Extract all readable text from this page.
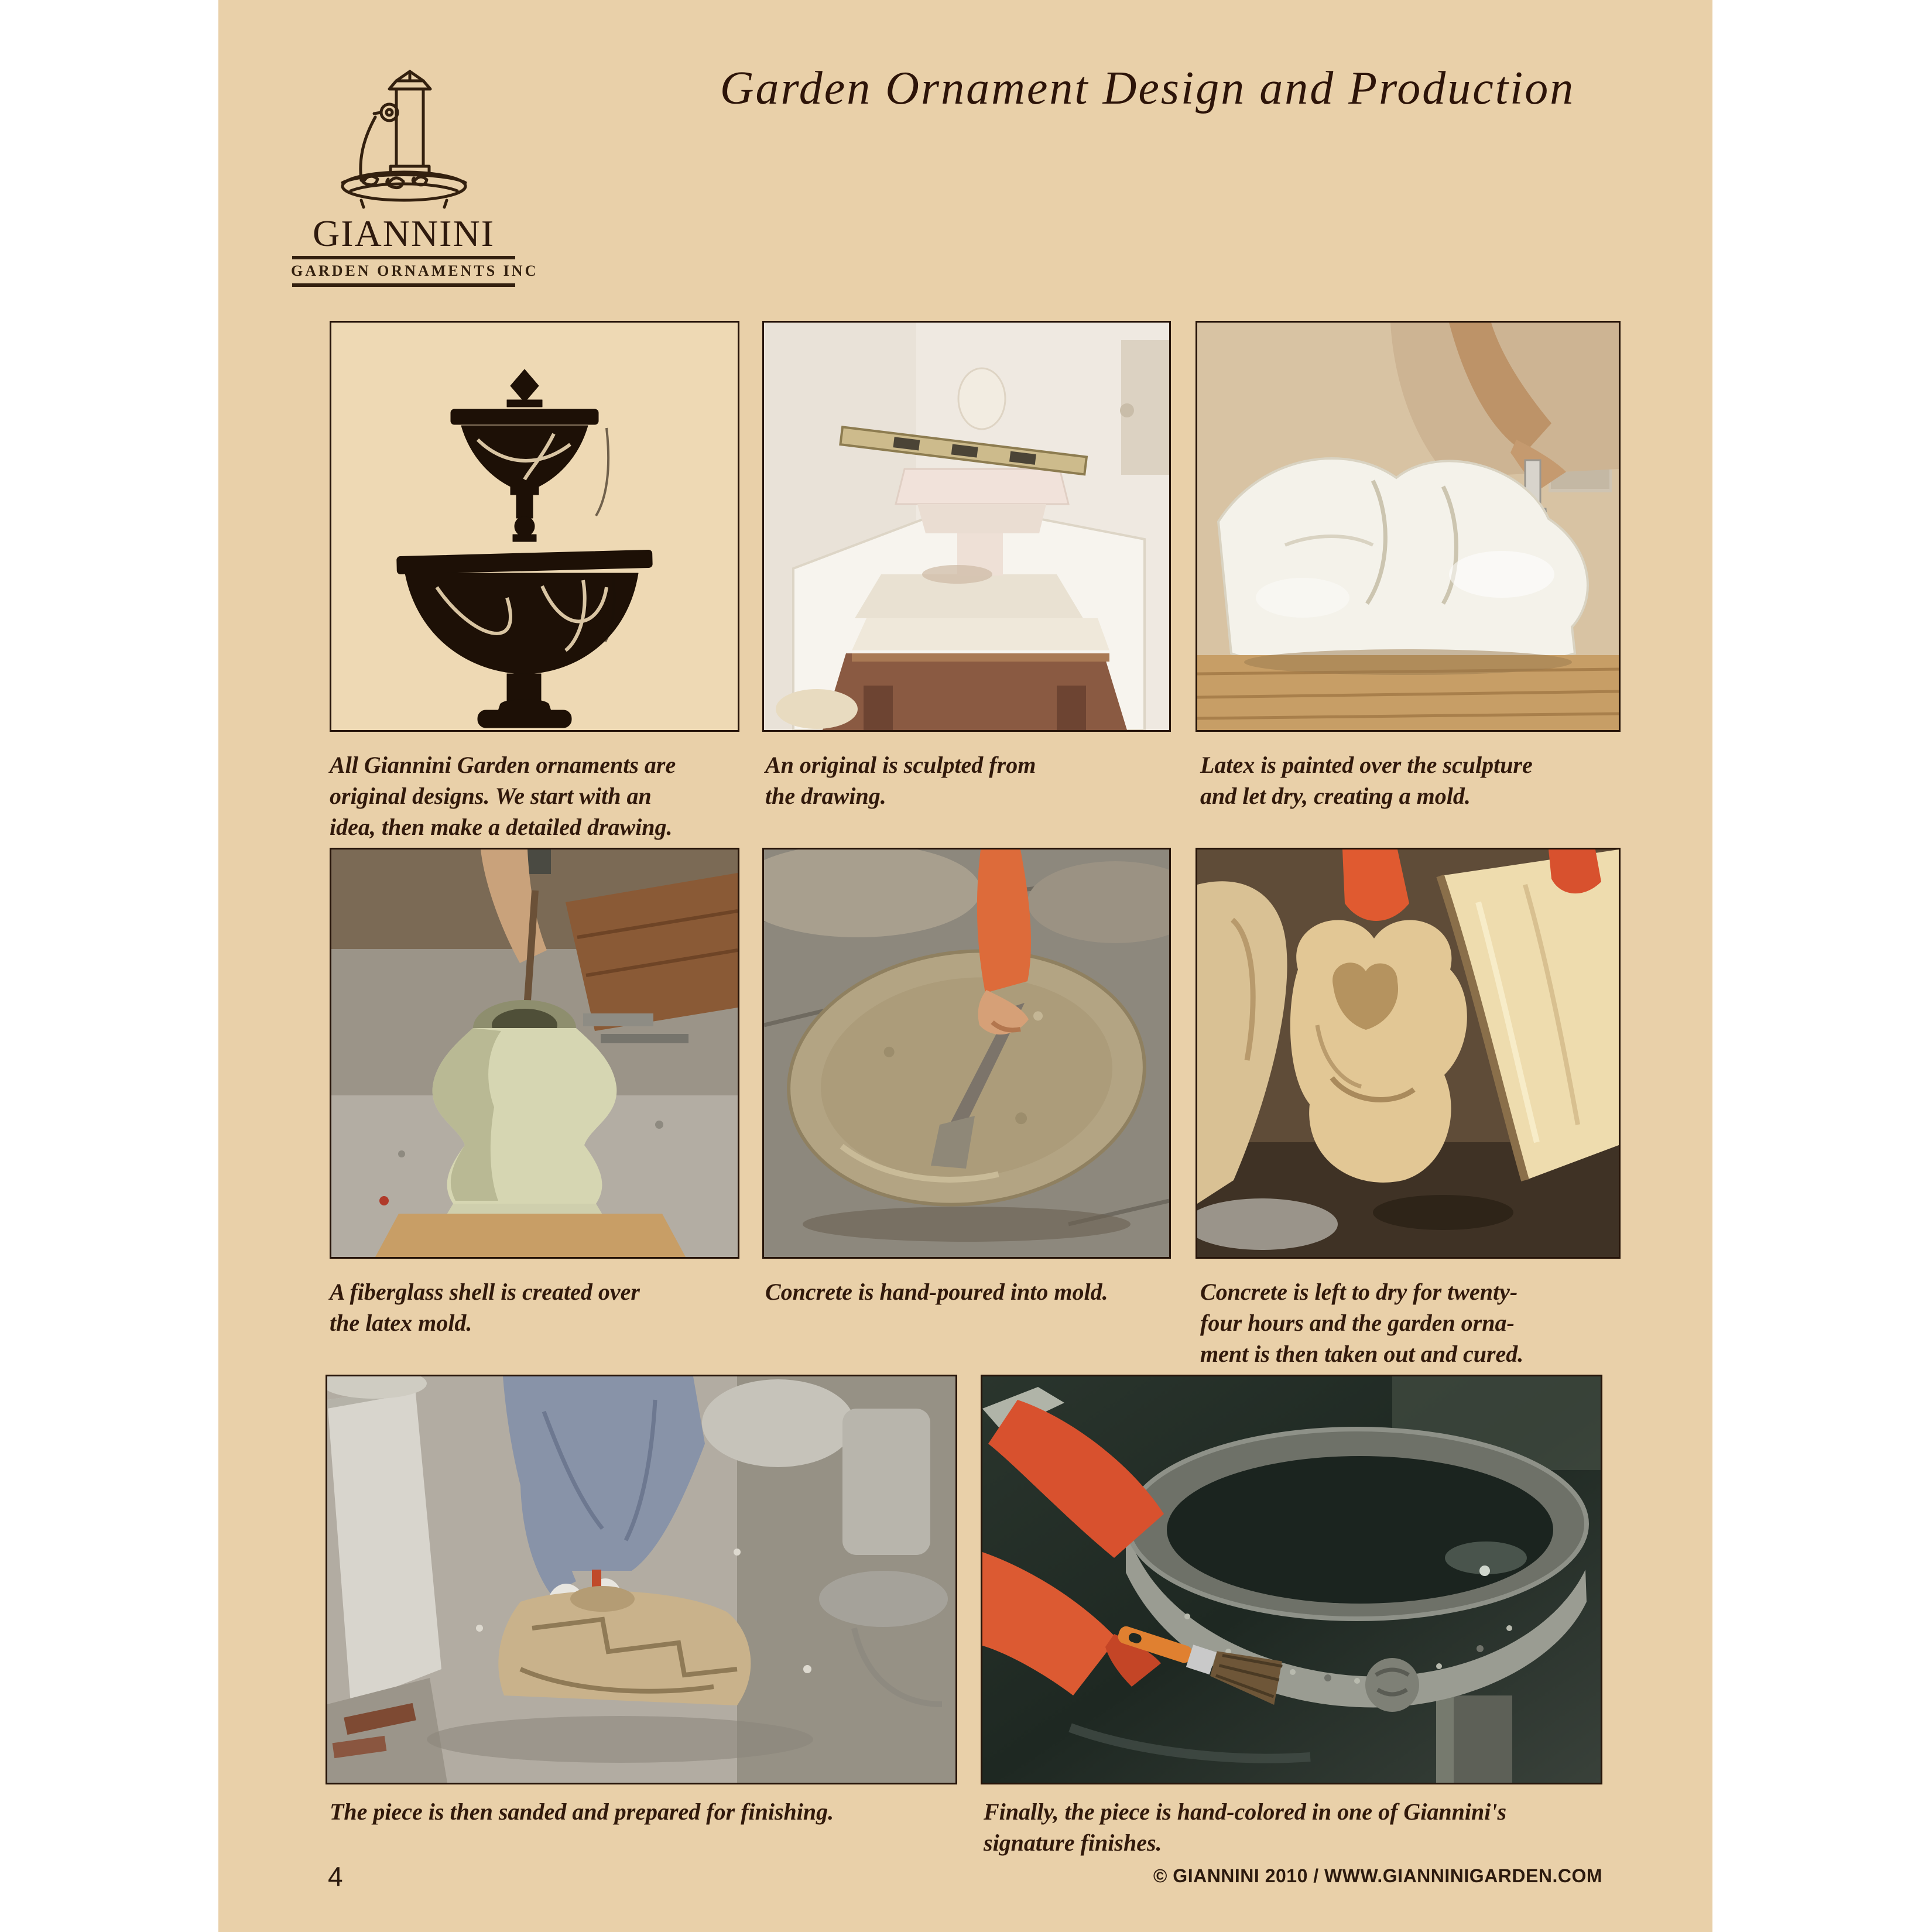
GIANNINI
GARDEN ORNAMENTS INC
Garden Ornament Design and Production
All Giannini Garden ornaments are
original designs. We start with an
idea, then make a detailed drawing.
An original is sculpted from
the drawing.
Latex is painted over the sculpture
and let dry, creating a mold.
A fiberglass shell is created over
the latex mold.
Concrete is hand-poured into mold.	Concrete is left to dry for twenty-
four hours and the garden orna-
ment is then taken out and cured.
The piece is then sanded and prepared for finishing.	Finally, the piece is hand-colored in one of Giannini's
signature finishes.
4	© GIANNINI 2010 / WWW.GIANNINIGARDEN.COM
